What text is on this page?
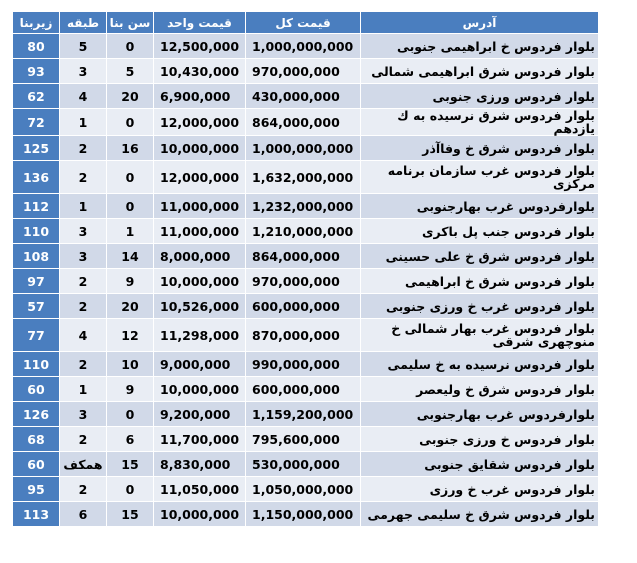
زیربنا	طبقه	سن بنا	قیمت واحد	قیمت کل	آدرس
80	5	0	12,500,000	1,000,000,000	بلوار فردوس خ ابراهیمی جنوبی
93	3	5	10,430,000	970,000,000	بلوار فردوس شرق ابراهیمی شمالی
62	4	20	6,900,000	430,000,000	بلوار فردوس ورزی جنوبی
72	1	0	12,000,000	864,000,000	بلوار فردوس شرق نرسیده به ك یازدهم
125	2	16	10,000,000	1,000,000,000	بلوار فردوس شرق خ وفاآذر
136	2	0	12,000,000	1,632,000,000	بلوار فردوس غرب سازمان برنامه مرکزی
112	1	0	11,000,000	1,232,000,000	بلوارفردوس غرب بهارجنوبی
110	3	1	11,000,000	1,210,000,000	بلوار فردوس جنب پل باکری
108	3	14	8,000,000	864,000,000	بلوار فردوس شرق خ علی حسینی
97	2	9	10,000,000	970,000,000	بلوار فردوس شرق خ ابراهیمی
57	2	20	10,526,000	600,000,000	بلوار فردوس غرب خ ورزی جنوبی
77	4	12	11,298,000	870,000,000	بلوار فردوس غرب بهار شمالی خ منوچهری شرقی
110	2	10	9,000,000	990,000,000	بلوار فردوس نرسیده به خ سلیمی
60	1	9	10,000,000	600,000,000	بلوار فردوس شرق خ ولیعصر
126	3	0	9,200,000	1,159,200,000	بلوارفردوس غرب بهارجنوبی
68	2	6	11,700,000	795,600,000	بلوار فردوس خ ورزی جنوبی
60	همکف	15	8,830,000	530,000,000	بلوار فردوس شقایق جنوبی
95	2	0	11,050,000	1,050,000,000	بلوار فردوس غرب خ ورزی
113	6	15	10,000,000	1,150,000,000	بلوار فردوس شرق خ سلیمی جهرمی
